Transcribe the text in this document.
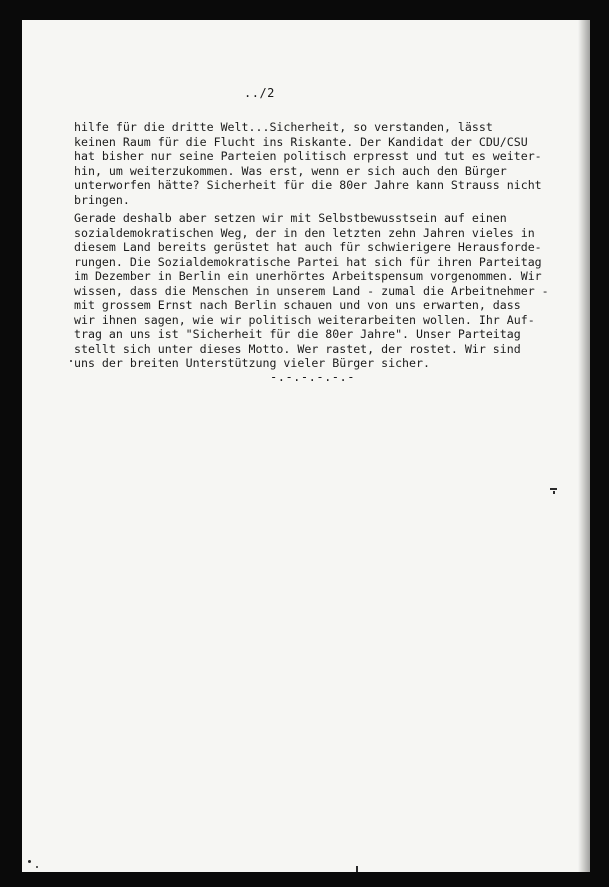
../2
hilfe für die dritte Welt...Sicherheit, so verstanden, lässt
keinen Raum für die Flucht ins Riskante. Der Kandidat der CDU/CSU
hat bisher nur seine Parteien politisch erpresst und tut es weiter-
hin, um weiterzukommen. Was erst, wenn er sich auch den Bürger
unterworfen hätte? Sicherheit für die 80er Jahre kann Strauss nicht
bringen.
Gerade deshalb aber setzen wir mit Selbstbewusstsein auf einen
sozialdemokratischen Weg, der in den letzten zehn Jahren vieles in
diesem Land bereits gerüstet hat auch für schwierigere Herausforde-
rungen. Die Sozialdemokratische Partei hat sich für ihren Parteitag
im Dezember in Berlin ein unerhörtes Arbeitspensum vorgenommen. Wir
wissen, dass die Menschen in unserem Land - zumal die Arbeitnehmer -
mit grossem Ernst nach Berlin schauen und von uns erwarten, dass
wir ihnen sagen, wie wir politisch weiterarbeiten wollen. Ihr Auf-
trag an uns ist "Sicherheit für die 80er Jahre". Unser Parteitag
stellt sich unter dieses Motto. Wer rastet, der rostet. Wir sind
uns der breiten Unterstützung vieler Bürger sicher.
-.-.-.-.-.-
